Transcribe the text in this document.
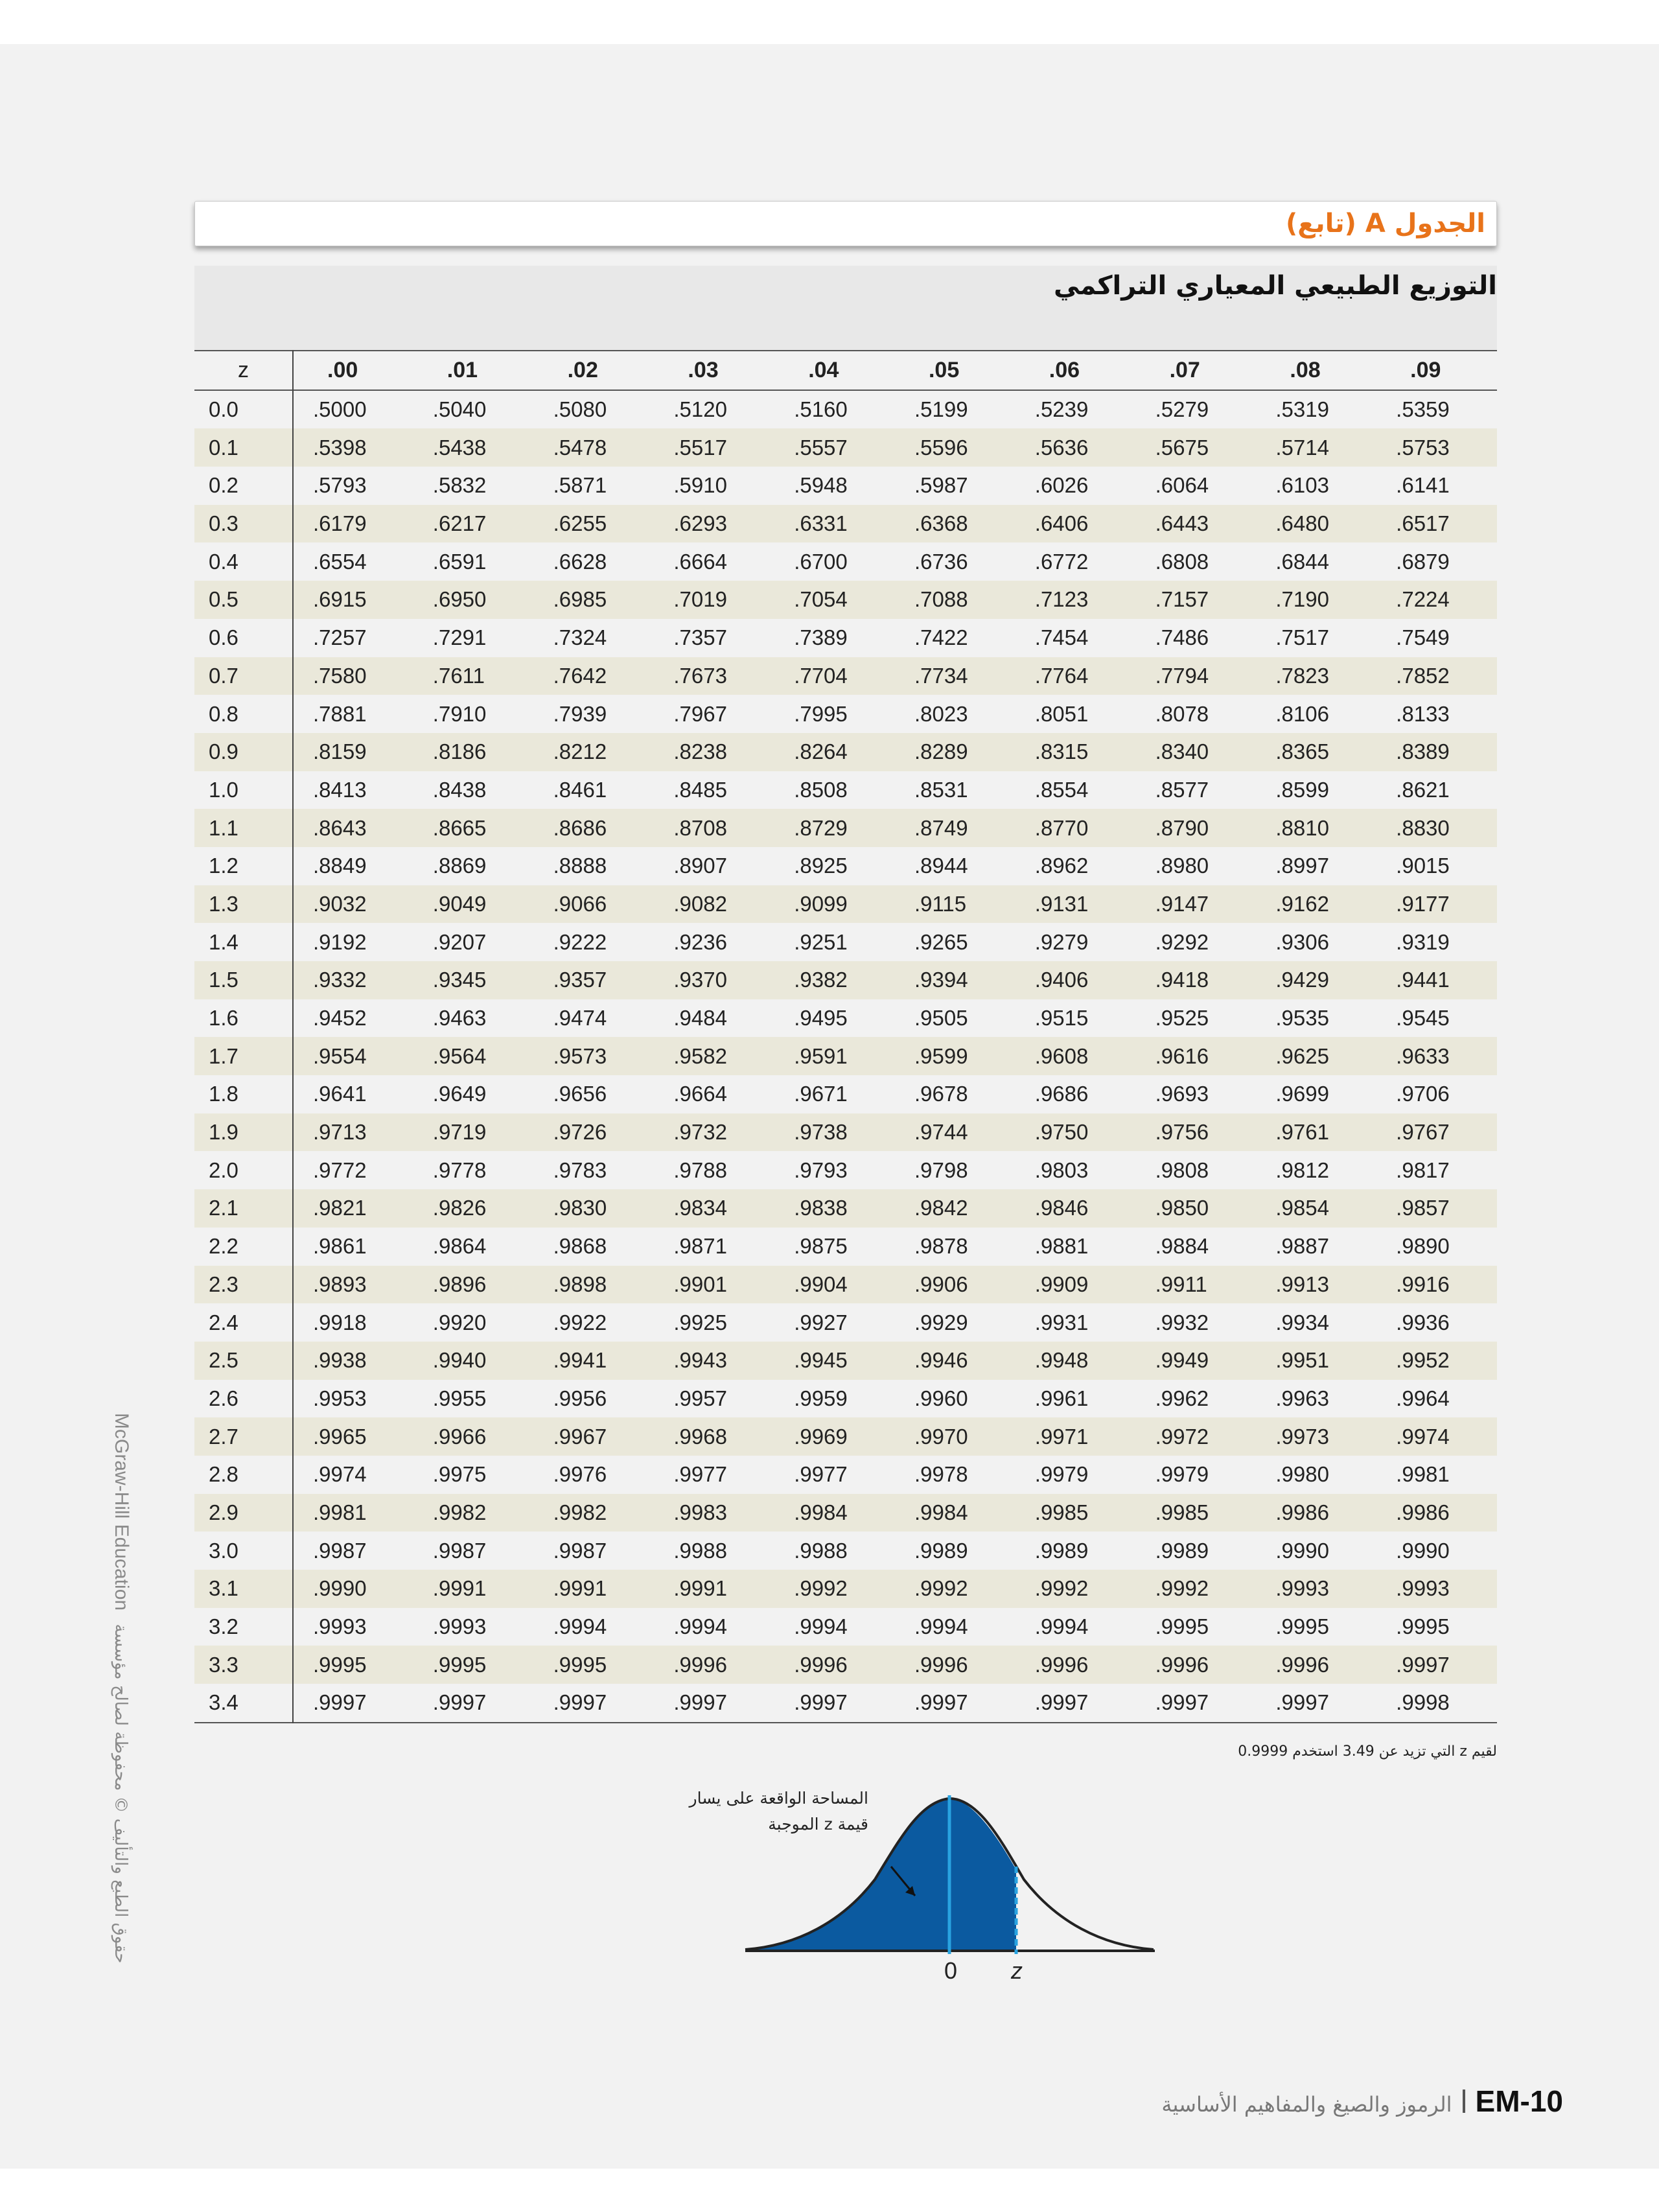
الجدول A (تابع)
التوزيع الطبيعي المعياري التراكمي
z	.00	.01	.02	.03	.04	.05	.06	.07	.08	.09
0.0	.5000	.5040	.5080	.5120	.5160	.5199	.5239	.5279	.5319	.5359
0.1	.5398	.5438	.5478	.5517	.5557	.5596	.5636	.5675	.5714	.5753
0.2	.5793	.5832	.5871	.5910	.5948	.5987	.6026	.6064	.6103	.6141
0.3	.6179	.6217	.6255	.6293	.6331	.6368	.6406	.6443	.6480	.6517
0.4	.6554	.6591	.6628	.6664	.6700	.6736	.6772	.6808	.6844	.6879
0.5	.6915	.6950	.6985	.7019	.7054	.7088	.7123	.7157	.7190	.7224
0.6	.7257	.7291	.7324	.7357	.7389	.7422	.7454	.7486	.7517	.7549
0.7	.7580	.7611	.7642	.7673	.7704	.7734	.7764	.7794	.7823	.7852
0.8	.7881	.7910	.7939	.7967	.7995	.8023	.8051	.8078	.8106	.8133
0.9	.8159	.8186	.8212	.8238	.8264	.8289	.8315	.8340	.8365	.8389
1.0	.8413	.8438	.8461	.8485	.8508	.8531	.8554	.8577	.8599	.8621
1.1	.8643	.8665	.8686	.8708	.8729	.8749	.8770	.8790	.8810	.8830
1.2	.8849	.8869	.8888	.8907	.8925	.8944	.8962	.8980	.8997	.9015
1.3	.9032	.9049	.9066	.9082	.9099	.9115	.9131	.9147	.9162	.9177
1.4	.9192	.9207	.9222	.9236	.9251	.9265	.9279	.9292	.9306	.9319
1.5	.9332	.9345	.9357	.9370	.9382	.9394	.9406	.9418	.9429	.9441
1.6	.9452	.9463	.9474	.9484	.9495	.9505	.9515	.9525	.9535	.9545
1.7	.9554	.9564	.9573	.9582	.9591	.9599	.9608	.9616	.9625	.9633
1.8	.9641	.9649	.9656	.9664	.9671	.9678	.9686	.9693	.9699	.9706
1.9	.9713	.9719	.9726	.9732	.9738	.9744	.9750	.9756	.9761	.9767
2.0	.9772	.9778	.9783	.9788	.9793	.9798	.9803	.9808	.9812	.9817
2.1	.9821	.9826	.9830	.9834	.9838	.9842	.9846	.9850	.9854	.9857
2.2	.9861	.9864	.9868	.9871	.9875	.9878	.9881	.9884	.9887	.9890
2.3	.9893	.9896	.9898	.9901	.9904	.9906	.9909	.9911	.9913	.9916
2.4	.9918	.9920	.9922	.9925	.9927	.9929	.9931	.9932	.9934	.9936
2.5	.9938	.9940	.9941	.9943	.9945	.9946	.9948	.9949	.9951	.9952
2.6	.9953	.9955	.9956	.9957	.9959	.9960	.9961	.9962	.9963	.9964
2.7	.9965	.9966	.9967	.9968	.9969	.9970	.9971	.9972	.9973	.9974
2.8	.9974	.9975	.9976	.9977	.9977	.9978	.9979	.9979	.9980	.9981
2.9	.9981	.9982	.9982	.9983	.9984	.9984	.9985	.9985	.9986	.9986
3.0	.9987	.9987	.9987	.9988	.9988	.9989	.9989	.9989	.9990	.9990
3.1	.9990	.9991	.9991	.9991	.9992	.9992	.9992	.9992	.9993	.9993
3.2	.9993	.9993	.9994	.9994	.9994	.9994	.9994	.9995	.9995	.9995
3.3	.9995	.9995	.9995	.9996	.9996	.9996	.9996	.9996	.9996	.9997
3.4	.9997	.9997	.9997	.9997	.9997	.9997	.9997	.9997	.9997	.9998
لقيم z التي تزيد عن 3.49 استخدم 0.9999
المساحة الواقعة على يسار
قيمة z الموجبة
0 z
McGraw-Hill Education حقوق الطبع والتأليف © محفوظة لصالح مؤسسة
EM-10الرموز والصيغ والمفاهيم الأساسية
